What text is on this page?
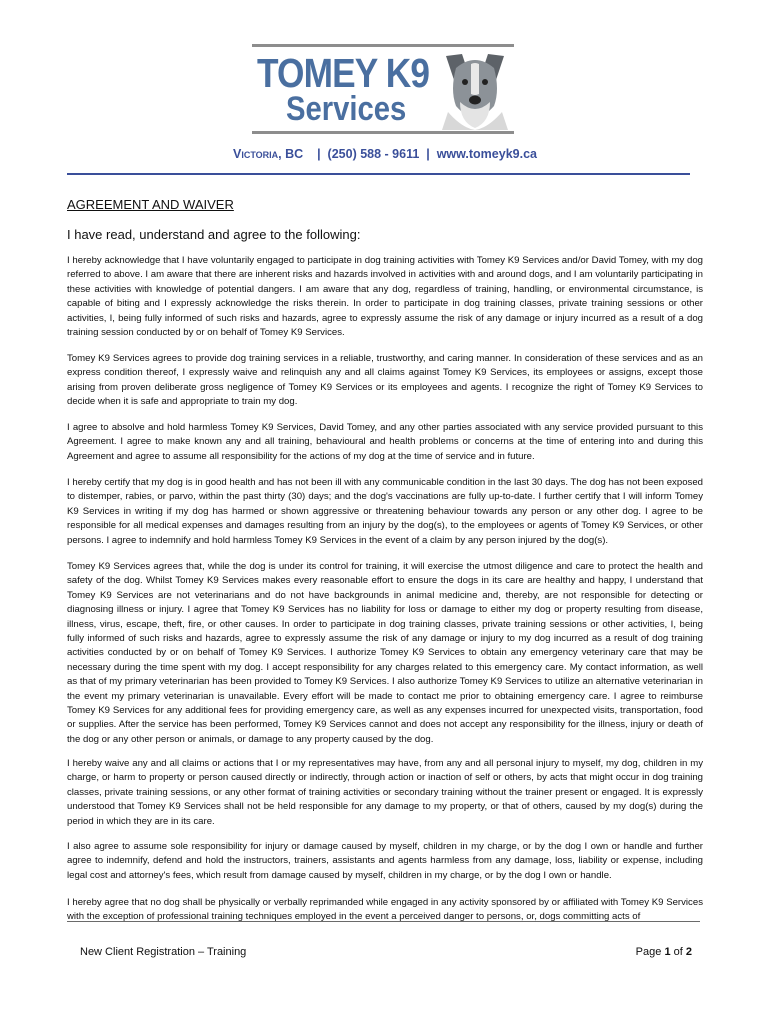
TOMEY K9
Services
Victoria, BC | (250) 588 - 9611 | www.tomeyk9.ca
AGREEMENT AND WAIVER
I have read, understand and agree to the following:
I hereby acknowledge that I have voluntarily engaged to participate in dog training activities with Tomey K9 Services and/or David Tomey, with my dog referred to above. I am aware that there are inherent risks and hazards involved in activities with and around dogs, and I am voluntarily participating in these activities with knowledge of potential dangers. I am aware that any dog, regardless of training, handling, or environmental circumstance, is capable of biting and I expressly acknowledge the risks therein. In order to participate in dog training classes, private training sessions or other activities, I, being fully informed of such risks and hazards, agree to expressly assume the risk of any damage or injury incurred as a result of a dog training session conducted by or on behalf of Tomey K9 Services.
Tomey K9 Services agrees to provide dog training services in a reliable, trustworthy, and caring manner. In consideration of these services and as an express condition thereof, I expressly waive and relinquish any and all claims against Tomey K9 Services, its employees or assigns, except those arising from proven deliberate gross negligence of Tomey K9 Services or its employees and agents. I recognize the right of Tomey K9 Services to decide when it is safe and appropriate to train my dog.
I agree to absolve and hold harmless Tomey K9 Services, David Tomey, and any other parties associated with any service provided pursuant to this Agreement. I agree to make known any and all training, behavioural and health problems or concerns at the time of entering into and during this Agreement and agree to assume all responsibility for the actions of my dog at the time of service and in future.
I hereby certify that my dog is in good health and has not been ill with any communicable condition in the last 30 days. The dog has not been exposed to distemper, rabies, or parvo, within the past thirty (30) days; and the dog's vaccinations are fully up-to-date. I further certify that I will inform Tomey K9 Services in writing if my dog has harmed or shown aggressive or threatening behaviour towards any person or any other dog. I agree to be responsible for all medical expenses and damages resulting from an injury by the dog(s), to the employees or agents of Tomey K9 Services, or other persons. I agree to indemnify and hold harmless Tomey K9 Services in the event of a claim by any person injured by the dog(s).
Tomey K9 Services agrees that, while the dog is under its control for training, it will exercise the utmost diligence and care to protect the health and safety of the dog. Whilst Tomey K9 Services makes every reasonable effort to ensure the dogs in its care are healthy and happy, I understand that Tomey K9 Services are not veterinarians and do not have backgrounds in animal medicine and, thereby, are not responsible for detecting or diagnosing illness or injury. I agree that Tomey K9 Services has no liability for loss or damage to either my dog or property resulting from disease, illness, virus, escape, theft, fire, or other causes. In order to participate in dog training classes, private training sessions or other activities, I, being fully informed of such risks and hazards, agree to expressly assume the risk of any damage or injury to my dog incurred as a result of dog training activities conducted by or on behalf of Tomey K9 Services. I authorize Tomey K9 Services to obtain any emergency veterinary care that may be necessary during the time spent with my dog. I accept responsibility for any charges related to this emergency care. My contact information, as well as that of my primary veterinarian has been provided to Tomey K9 Services. I also authorize Tomey K9 Services to utilize an alternative veterinarian in the event my primary veterinarian is unavailable. Every effort will be made to contact me prior to obtaining emergency care. I agree to reimburse Tomey K9 Services for any additional fees for providing emergency care, as well as any expenses incurred for unexpected visits, transportation, food or supplies. After the service has been performed, Tomey K9 Services cannot and does not accept any responsibility for the illness, injury or death of the dog or any other person or animals, or damage to any property caused by the dog.
I hereby waive any and all claims or actions that I or my representatives may have, from any and all personal injury to myself, my dog, children in my charge, or harm to property or person caused directly or indirectly, through action or inaction of self or others, by acts that might occur in dog training classes, private training sessions, or any other format of training activities or secondary training without the trainer present or engaged. It is expressly understood that Tomey K9 Services shall not be held responsible for any damage to my property, or that of others, caused by my dog(s) during the period in which they are in its care.
I also agree to assume sole responsibility for injury or damage caused by myself, children in my charge, or by the dog I own or handle and further agree to indemnify, defend and hold the instructors, trainers, assistants and agents harmless from any damage, loss, liability or expense, including legal cost and attorney's fees, which result from damage caused by myself, children in my charge, or by the dog I own or handle.
I hereby agree that no dog shall be physically or verbally reprimanded while engaged in any activity sponsored by or affiliated with Tomey K9 Services with the exception of professional training techniques employed in the event a perceived danger to persons, or, dogs committing acts of
New Client Registration – Training	Page 1 of 2
